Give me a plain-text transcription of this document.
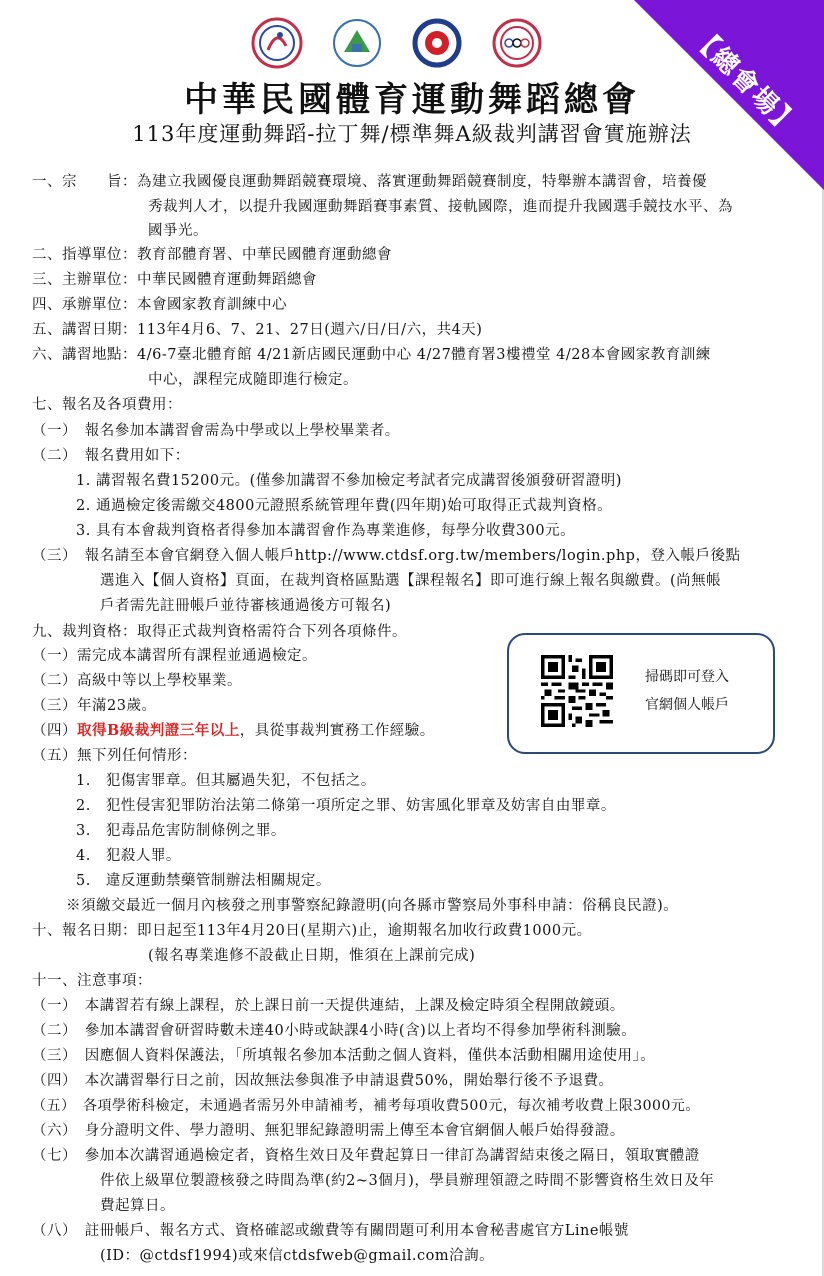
【總會場】
中華民國體育運動舞蹈總會
113年度運動舞蹈-拉丁舞/標準舞A級裁判講習會實施辦法
一、宗　　旨：為建立我國優良運動舞蹈競賽環境、落實運動舞蹈競賽制度，特舉辦本講習會，培養優
秀裁判人才，以提升我國運動舞蹈賽事素質、接軌國際，進而提升我國選手競技水平、為
國爭光。
二、指導單位：教育部體育署、中華民國體育運動總會
三、主辦單位：中華民國體育運動舞蹈總會
四、承辦單位：本會國家教育訓練中心
五、講習日期：113年4月6、7、21、27日(週六/日/日/六，共4天)
六、講習地點：4/6-7臺北體育館 4/21新店國民運動中心 4/27體育署3樓禮堂 4/28本會國家教育訓練
中心，課程完成隨即進行檢定。
七、報名及各項費用：
（一）　報名參加本講習會需為中學或以上學校畢業者。
（二）　報名費用如下：
1. 講習報名費15200元。(僅參加講習不參加檢定考試者完成講習後頒發研習證明)
2. 通過檢定後需繳交4800元證照系統管理年費(四年期)始可取得正式裁判資格。
3. 具有本會裁判資格者得參加本講習會作為專業進修，每學分收費300元。
（三）　報名請至本會官網登入個人帳戶http://www.ctdsf.org.tw/members/login.php，登入帳戶後點
選進入【個人資格】頁面，在裁判資格區點選【課程報名】即可進行線上報名與繳費。(尚無帳
戶者需先註冊帳戶並待審核通過後方可報名)
九、裁判資格：取得正式裁判資格需符合下列各項條件。
（一）需完成本講習所有課程並通過檢定。
（二）高級中等以上學校畢業。
（三）年滿23歲。
（四）取得B級裁判證三年以上，具從事裁判實務工作經驗。
（五）無下列任何情形：
1.　犯傷害罪章。但其屬過失犯，不包括之。
2.　犯性侵害犯罪防治法第二條第一項所定之罪、妨害風化罪章及妨害自由罪章。
3.　犯毒品危害防制條例之罪。
4.　犯殺人罪。
5.　違反運動禁藥管制辦法相關規定。
※須繳交最近一個月內核發之刑事警察紀錄證明(向各縣市警察局外事科申請：俗稱良民證)。
十、報名日期：即日起至113年4月20日(星期六)止，逾期報名加收行政費1000元。
(報名專業進修不設截止日期，惟須在上課前完成)
十一、注意事項：
（一）　本講習若有線上課程，於上課日前一天提供連結，上課及檢定時須全程開啟鏡頭。
（二）　參加本講習會研習時數未達40小時或缺課4小時(含)以上者均不得參加學術科測驗。
（三）　因應個人資料保護法，「所填報名參加本活動之個人資料，僅供本活動相關用途使用」。
（四）　本次講習舉行日之前，因故無法參與准予申請退費50%，開始舉行後不予退費。
（五）　各項學術科檢定，未通過者需另外申請補考，補考每項收費500元，每次補考收費上限3000元。
（六）　身分證明文件、學力證明、無犯罪紀錄證明需上傳至本會官網個人帳戶始得發證。
（七）　參加本次講習通過檢定者，資格生效日及年費起算日一律訂為講習結束後之隔日，領取實體證
件依上級單位製證核發之時間為準(約2~3個月)，學員辦理領證之時間不影響資格生效日及年
費起算日。
（八）　註冊帳戶、報名方式、資格確認或繳費等有關問題可利用本會秘書處官方Line帳號
(ID：@ctdsf1994)或來信ctdsfweb@gmail.com洽詢。
掃碼即可登入
官網個人帳戶
